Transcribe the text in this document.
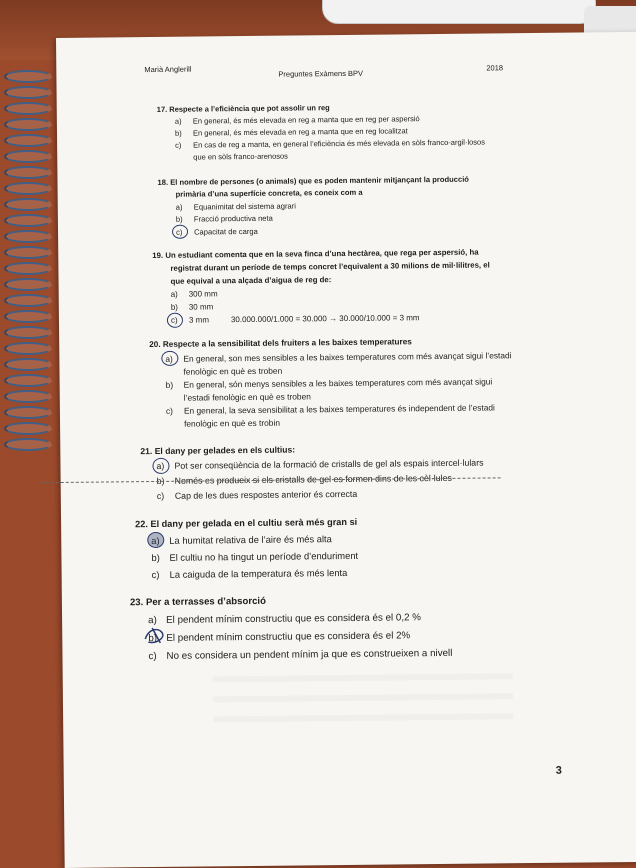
Marià Anglerill	Preguntes Exàmens BPV
2018
17. Respecte a l’eficiència que pot assolir un reg
a) En general, és més elevada en reg a manta que en reg per aspersió
b) En general, és més elevada en reg a manta que en reg localitzat
c) En cas de reg a manta, en general l’eficiència és més elevada en sòls franco-argil·losos
que en sòls franco-arenosos
18. El nombre de persones (o animals) que es poden mantenir mitjançant la producció
primària d’una superfície concreta, es coneix com a
a) Equanimitat del sistema agrari
b) Fracció productiva neta
c) Capacitat de carga
19. Un estudiant comenta que en la seva finca d’una hectàrea, que rega per aspersió, ha
registrat durant un període de temps concret l’equivalent a 30 milions de mil·lilitres, el
que equival a una alçada d’aigua de reg de:
a) 300 mm
b) 30 mm
c) 3 mm	30.000.000/1.000 = 30.000 → 30.000/10.000 = 3 mm
20. Respecte a la sensibilitat dels fruiters a les baixes temperatures
a) En general, son mes sensibles a les baixes temperatures com més avançat sigui l’estadi
fenològic en què es troben
b) En general, són menys sensibles a les baixes temperatures com més avançat sigui
l’estadi fenològic en què es troben
c) En general, la seva sensibilitat a les baixes temperatures és independent de l’estadi
fenològic en què es trobin
21. El dany per gelades en els cultius:
a) Pot ser conseqüència de la formació de cristalls de gel als espais intercel·lulars
b) Només es produeix si els cristalls de gel es formen dins de les cèl·lules
c) Cap de les dues respostes anterior és correcta
22. El dany per gelada en el cultiu serà més gran si
a) La humitat relativa de l’aire és més alta
b) El cultiu no ha tingut un període d’enduriment
c) La caiguda de la temperatura és més lenta
23. Per a terrasses d’absorció
a) El pendent mínim constructiu que es considera és el 0,2 %
b) El pendent mínim constructiu que es considera és el 2%
c) No es considera un pendent mínim ja que es construeixen a nivell
3
